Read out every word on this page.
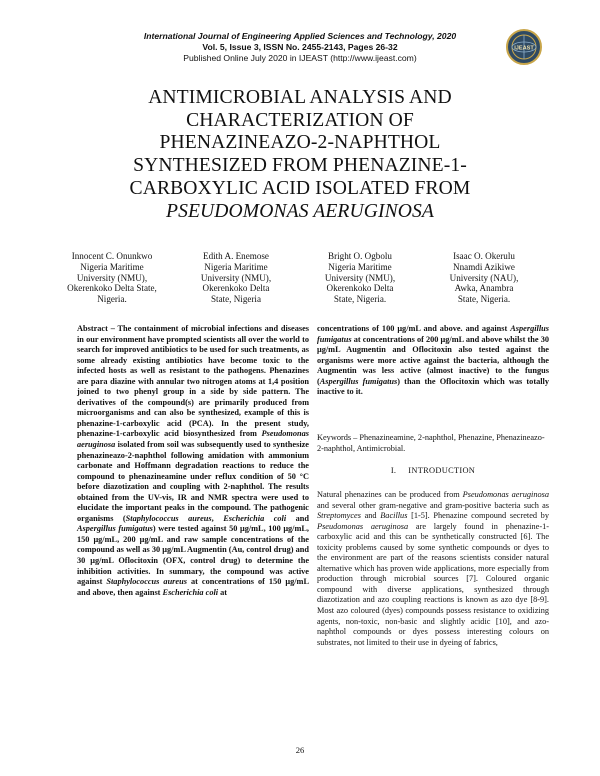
International Journal of Engineering Applied Sciences and Technology, 2020
Vol. 5, Issue 3, ISSN No. 2455-2143, Pages 26-32
Published Online July 2020 in IJEAST (http://www.ijeast.com)
IJEAST
ANTIMICROBIAL ANALYSIS AND
CHARACTERIZATION OF
PHENAZINEAZO-2-NAPHTHOL
SYNTHESIZED FROM PHENAZINE-1-
CARBOXYLIC ACID ISOLATED FROM
PSEUDOMONAS AERUGINOSA
Innocent C. Onunkwo
Nigeria Maritime
University (NMU),
Okerenkoko Delta State,
Nigeria.
Edith A. Enemose
Nigeria Maritime
University (NMU),
Okerenkoko Delta
State, Nigeria
Bright O. Ogbolu
Nigeria Maritime
University (NMU),
Okerenkoko Delta
State, Nigeria.
Isaac O. Okerulu
Nnamdi Azikiwe
University (NAU),
Awka, Anambra
State, Nigeria.

Abstract – The containment of microbial infections and diseases in our environment have prompted scientists all over the world to search for improved antibiotics to be used for such treatments, as some already existing antibiotics have become toxic to the infected hosts as well as resistant to the pathogens. Phenazines are para diazine with annular two nitrogen atoms at 1,4 position joined to two phenyl group in a side by side pattern. The derivatives of the compound(s) are primarily produced from microorganisms and can also be synthesized, example of this is phenazine-1-carboxylic acid (PCA). In the present study, phenazine-1-carboxylic acid biosynthesized from Pseudomonas aeruginosa isolated from soil was subsequently used to synthesize phenazineazo-2-naphthol following amidation with ammonium carbonate and Hoffmann degradation reactions to reduce the compound to phenazineamine under reflux condition of 50 °C before diazotization and coupling with 2-naphthol. The results obtained from the UV-vis, IR and NMR spectra were used to elucidate the important peaks in the compound. The pathogenic organisms (Staphylococcus aureus, Escherichia coli and Aspergillus fumigatus) were tested against 50 μg/mL, 100 μg/mL, 150 μg/mL, 200 μg/mL and raw sample concentrations of the compound as well as 30 μg/mL Augmentin (Au, control drug) and 30 μg/mL Oflocitoxin (OFX, control drug) to determine the inhibition activities. In summary, the compound was active against Staphylococcus aureus at concentrations of 150 μg/mL and above, then against Escherichia coli at

concentrations of 100 μg/mL and above. and against Aspergillus fumigatus at concentrations of 200 μg/mL and above whilst the 30 μg/mL Augmentin and Oflocitoxin also tested against the organisms were more active against the bacteria, although the Augmentin was less active (almost inactive) to the fungus (Aspergillus fumigatus) than the Oflocitoxin which was totally inactive to it.

Keywords – Phenazineamine, 2-naphthol, Phenazine, Phenazineazo-2-naphthol, Antimicrobial.

I. INTRODUCTION

Natural phenazines can be produced from Pseudomonas aeruginosa and several other gram-negative and gram-positive bacteria such as Streptomyces and Bacillus [1-5]. Phenazine compound secreted by Pseudomonas aeruginosa are largely found in phenazine-1-carboxylic acid and this can be synthetically constructed [6]. The toxicity problems caused by some synthetic compounds or dyes to the environment are part of the reasons scientists consider natural alternative which has proven wide applications, more especially from production through microbial sources [7]. Coloured organic compound with diverse applications, synthesized through diazotization and azo coupling reactions is known as azo dye [8-9]. Most azo coloured (dyes) compounds possess resistance to oxidizing agents, non-toxic, non-basic and slightly acidic [10], and azo-naphthol compounds or dyes possess interesting colours on substrates, not limited to their use in dyeing of fabrics,

26
